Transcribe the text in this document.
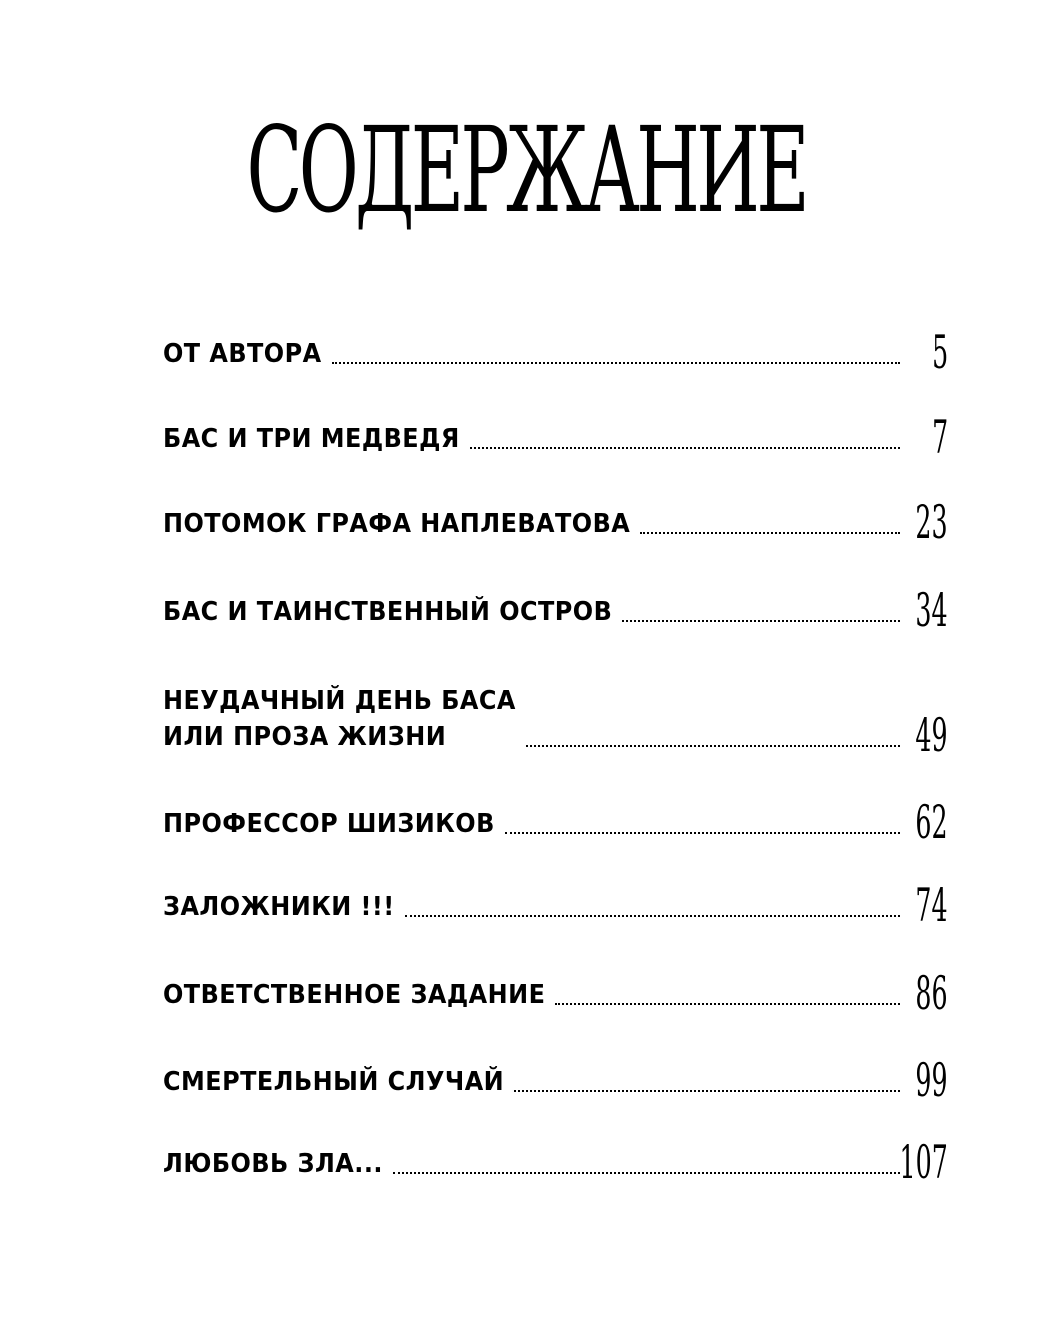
СОДЕРЖАНИЕ
ОТ АВТОРА	5
БАС И ТРИ МЕДВЕДЯ	7
ПОТОМОК ГРАФА НАПЛЕВАТОВА	23
БАС И ТАИНСТВЕННЫЙ ОСТРОВ	34
НЕУДАЧНЫЙ ДЕНЬ БАСА
ИЛИ ПРОЗА ЖИЗНИ	49
ПРОФЕССОР ШИЗИКОВ	62
ЗАЛОЖНИКИ !!!	74
ОТВЕТСТВЕННОЕ ЗАДАНИЕ	86
СМЕРТЕЛЬНЫЙ СЛУЧАЙ	99
ЛЮБОВЬ ЗЛА...	107
